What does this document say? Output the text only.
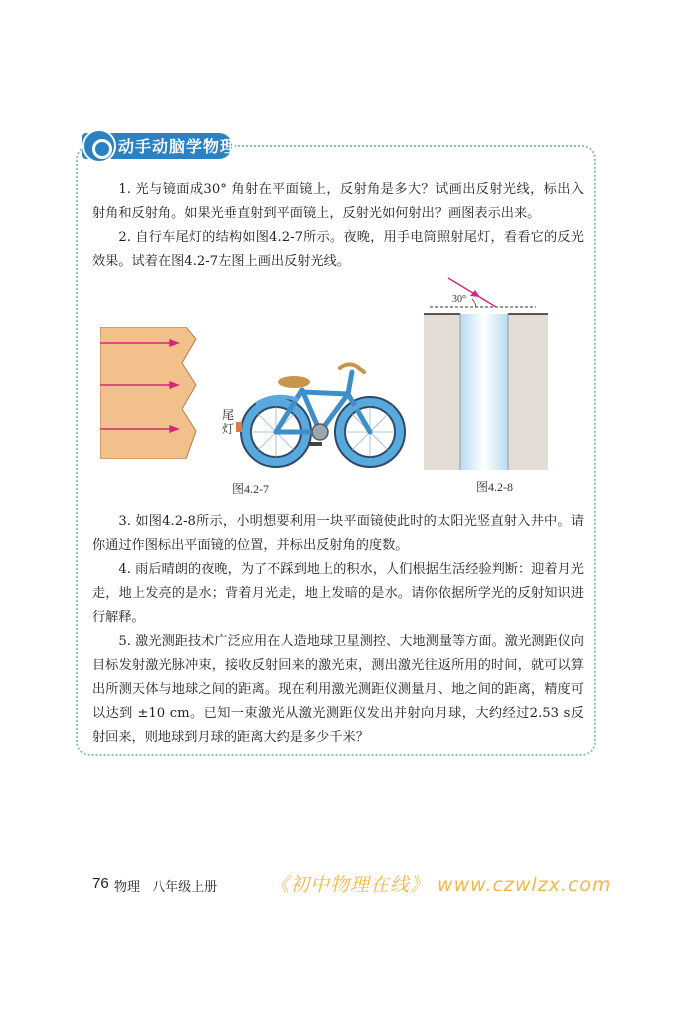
动手动脑学物理

1. 光与镜面成30° 角射在平面镜上，反射角是多大？试画出反射光线，标出入射角和反射角。如果光垂直射到平面镜上，反射光如何射出？画图表示出来。

2. 自行车尾灯的结构如图4.2-7所示。夜晚，用手电筒照射尾灯，看看它的反光效果。试着在图4.2-7左图上画出反射光线。

尾灯
图4.2-7
30°
图4.2-8

3. 如图4.2-8所示，小明想要利用一块平面镜使此时的太阳光竖直射入井中。请你通过作图标出平面镜的位置，并标出反射角的度数。

4. 雨后晴朗的夜晚，为了不踩到地上的积水，人们根据生活经验判断：迎着月光走，地上发亮的是水；背着月光走，地上发暗的是水。请你依据所学光的反射知识进行解释。

5. 激光测距技术广泛应用在人造地球卫星测控、大地测量等方面。激光测距仪向目标发射激光脉冲束，接收反射回来的激光束，测出激光往返所用的时间，就可以算出所测天体与地球之间的距离。现在利用激光测距仪测量月、地之间的距离，精度可以达到 ±10 cm。已知一束激光从激光测距仪发出并射向月球，大约经过2.53 s反射回来，则地球到月球的距离大约是多少千米？

76 物理 八年级上册	《初中物理在线》 www.czwlzx.com
